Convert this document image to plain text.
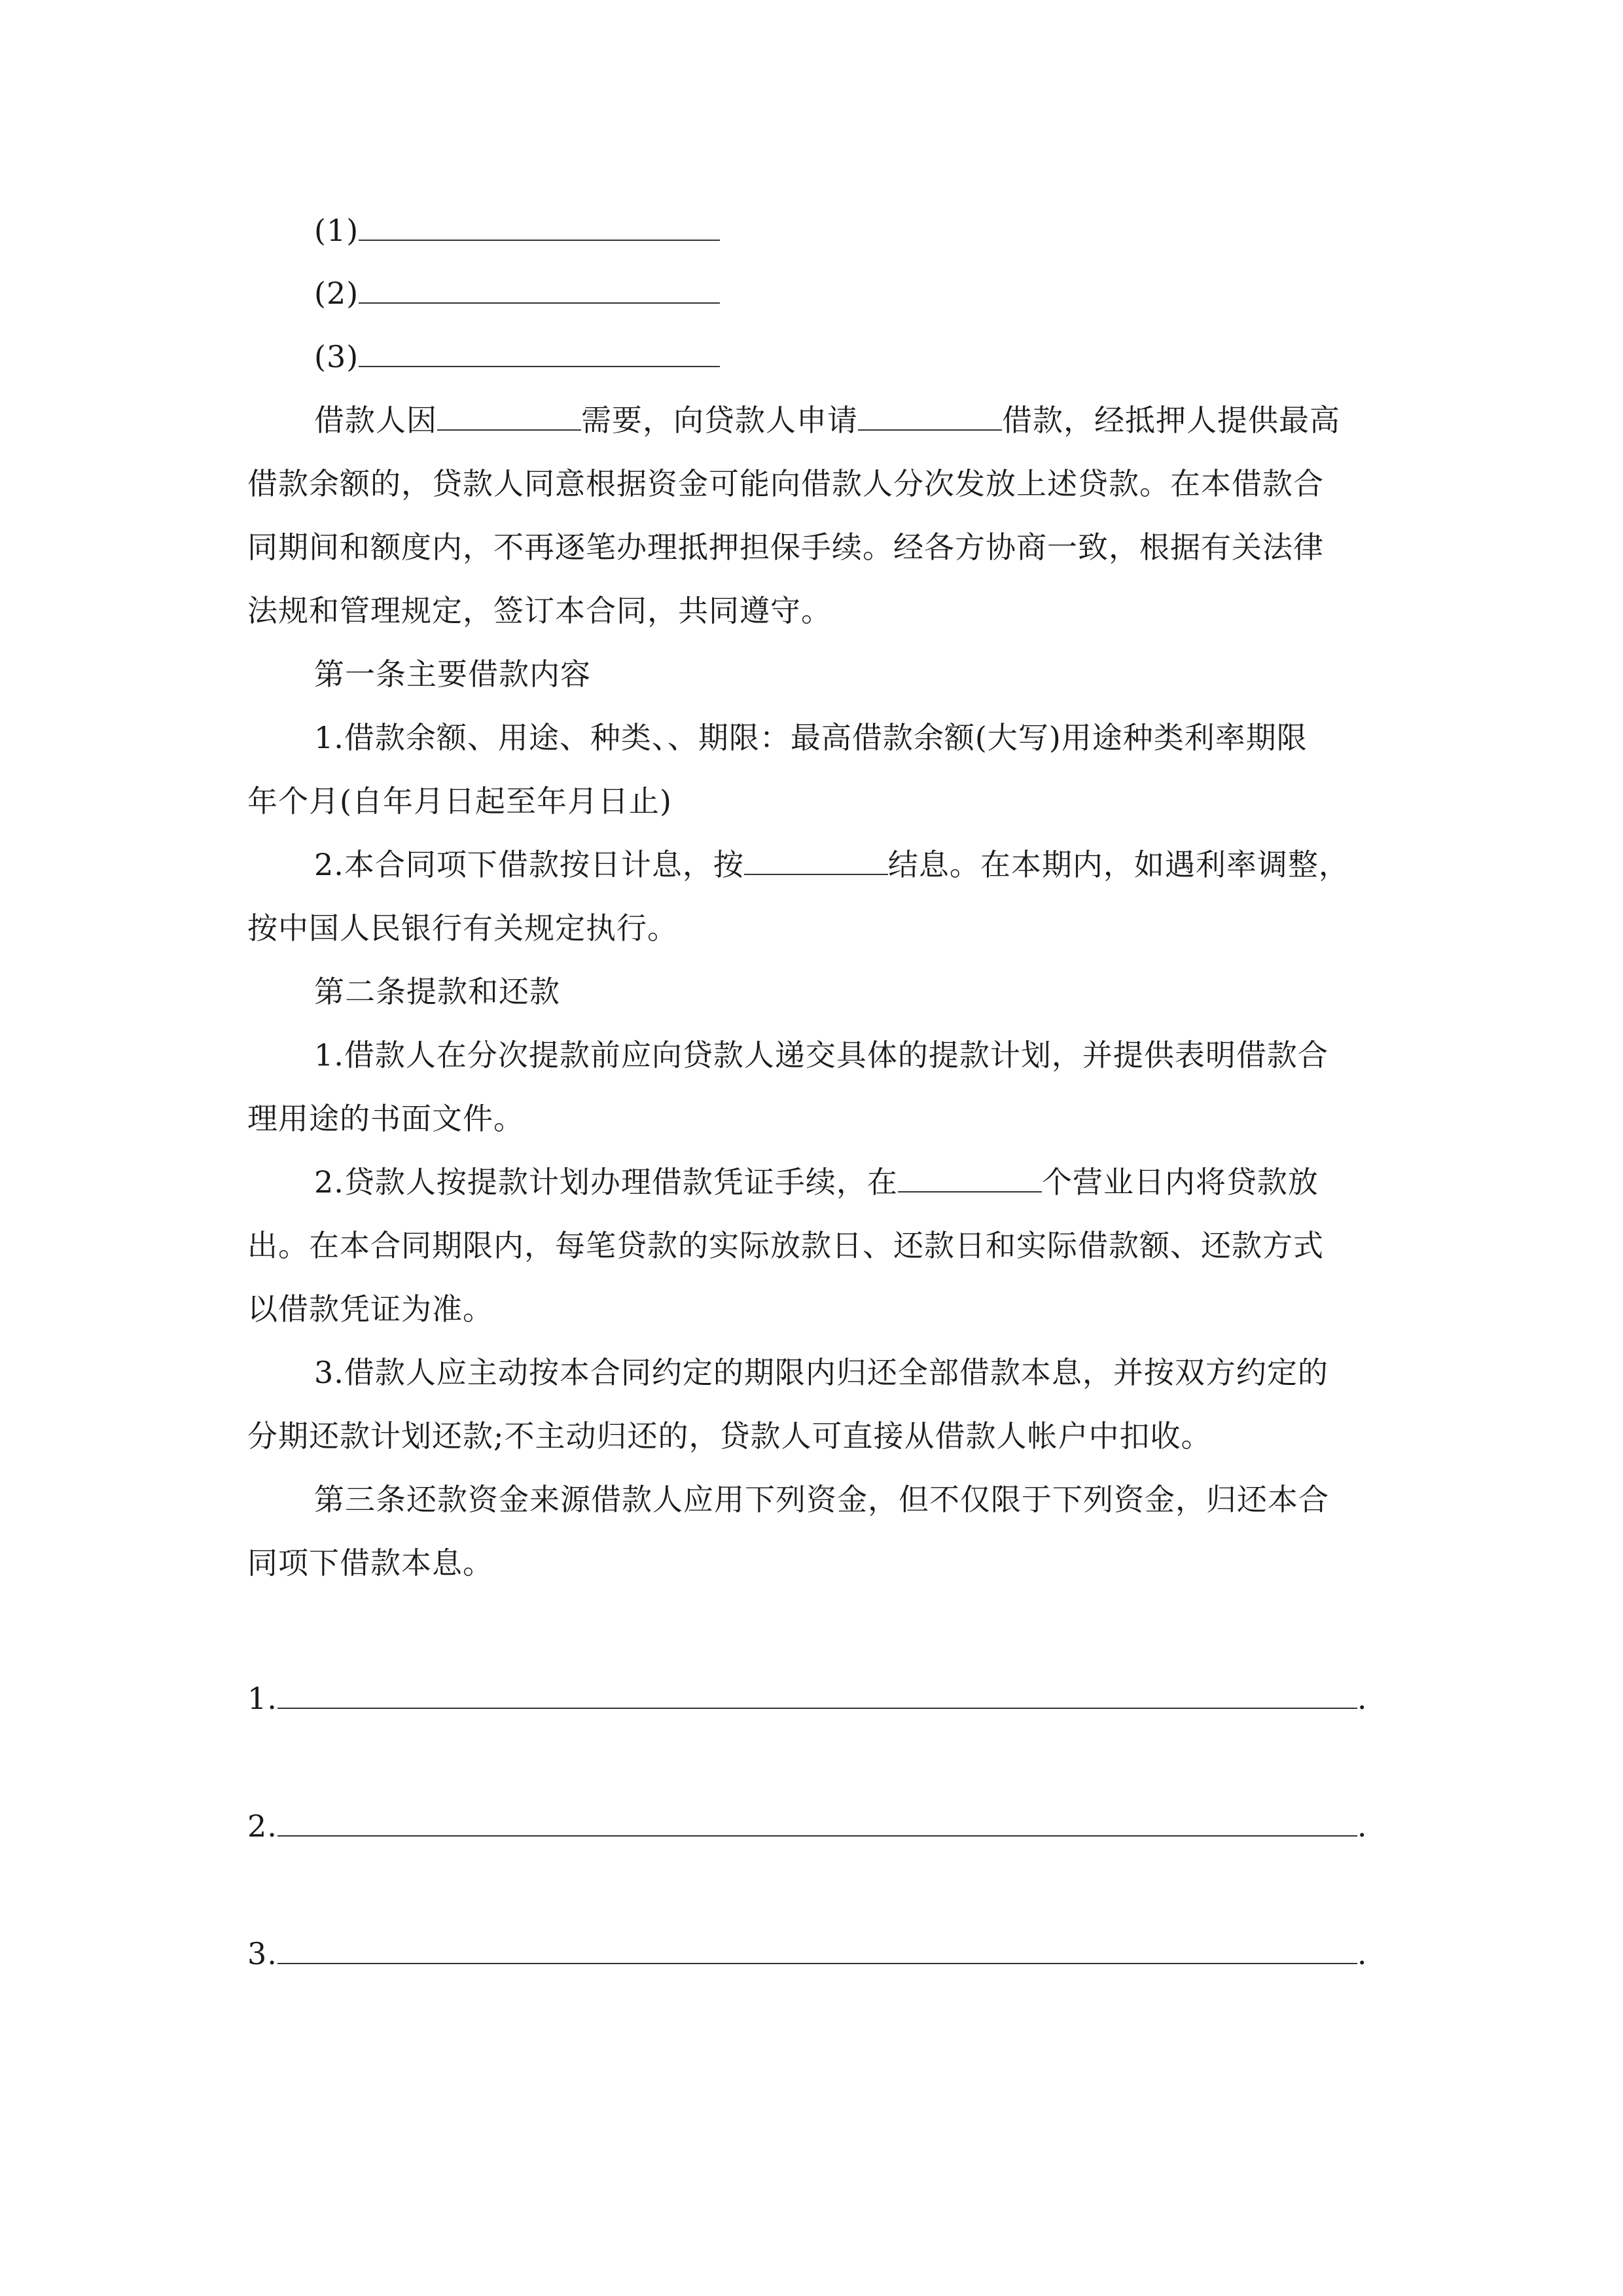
(1)
(2)
(3)
借款人因	需要，向贷款人申请	借款，经抵押人提供最高
借款余额的，贷款人同意根据资金可能向借款人分次发放上述贷款。在本借款合
同期间和额度内，不再逐笔办理抵押担保手续。经各方协商一致，根据有关法律
法规和管理规定，签订本合同，共同遵守。
第一条主要借款内容
1.借款余额、用途、种类、、期限：最高借款余额(大写)用途种类利率期限
年个月(自年月日起至年月日止)
2.本合同项下借款按日计息，按	结息。在本期内，如遇利率调整，
按中国人民银行有关规定执行。
第二条提款和还款
1.借款人在分次提款前应向贷款人递交具体的提款计划，并提供表明借款合
理用途的书面文件。
2.贷款人按提款计划办理借款凭证手续，在	个营业日内将贷款放
出。在本合同期限内，每笔贷款的实际放款日、还款日和实际借款额、还款方式
以借款凭证为准。
3.借款人应主动按本合同约定的期限内归还全部借款本息，并按双方约定的
分期还款计划还款;不主动归还的，贷款人可直接从借款人帐户中扣收。
第三条还款资金来源借款人应用下列资金，但不仅限于下列资金，归还本合
同项下借款本息。
1.	.
2.	.
3.	.
